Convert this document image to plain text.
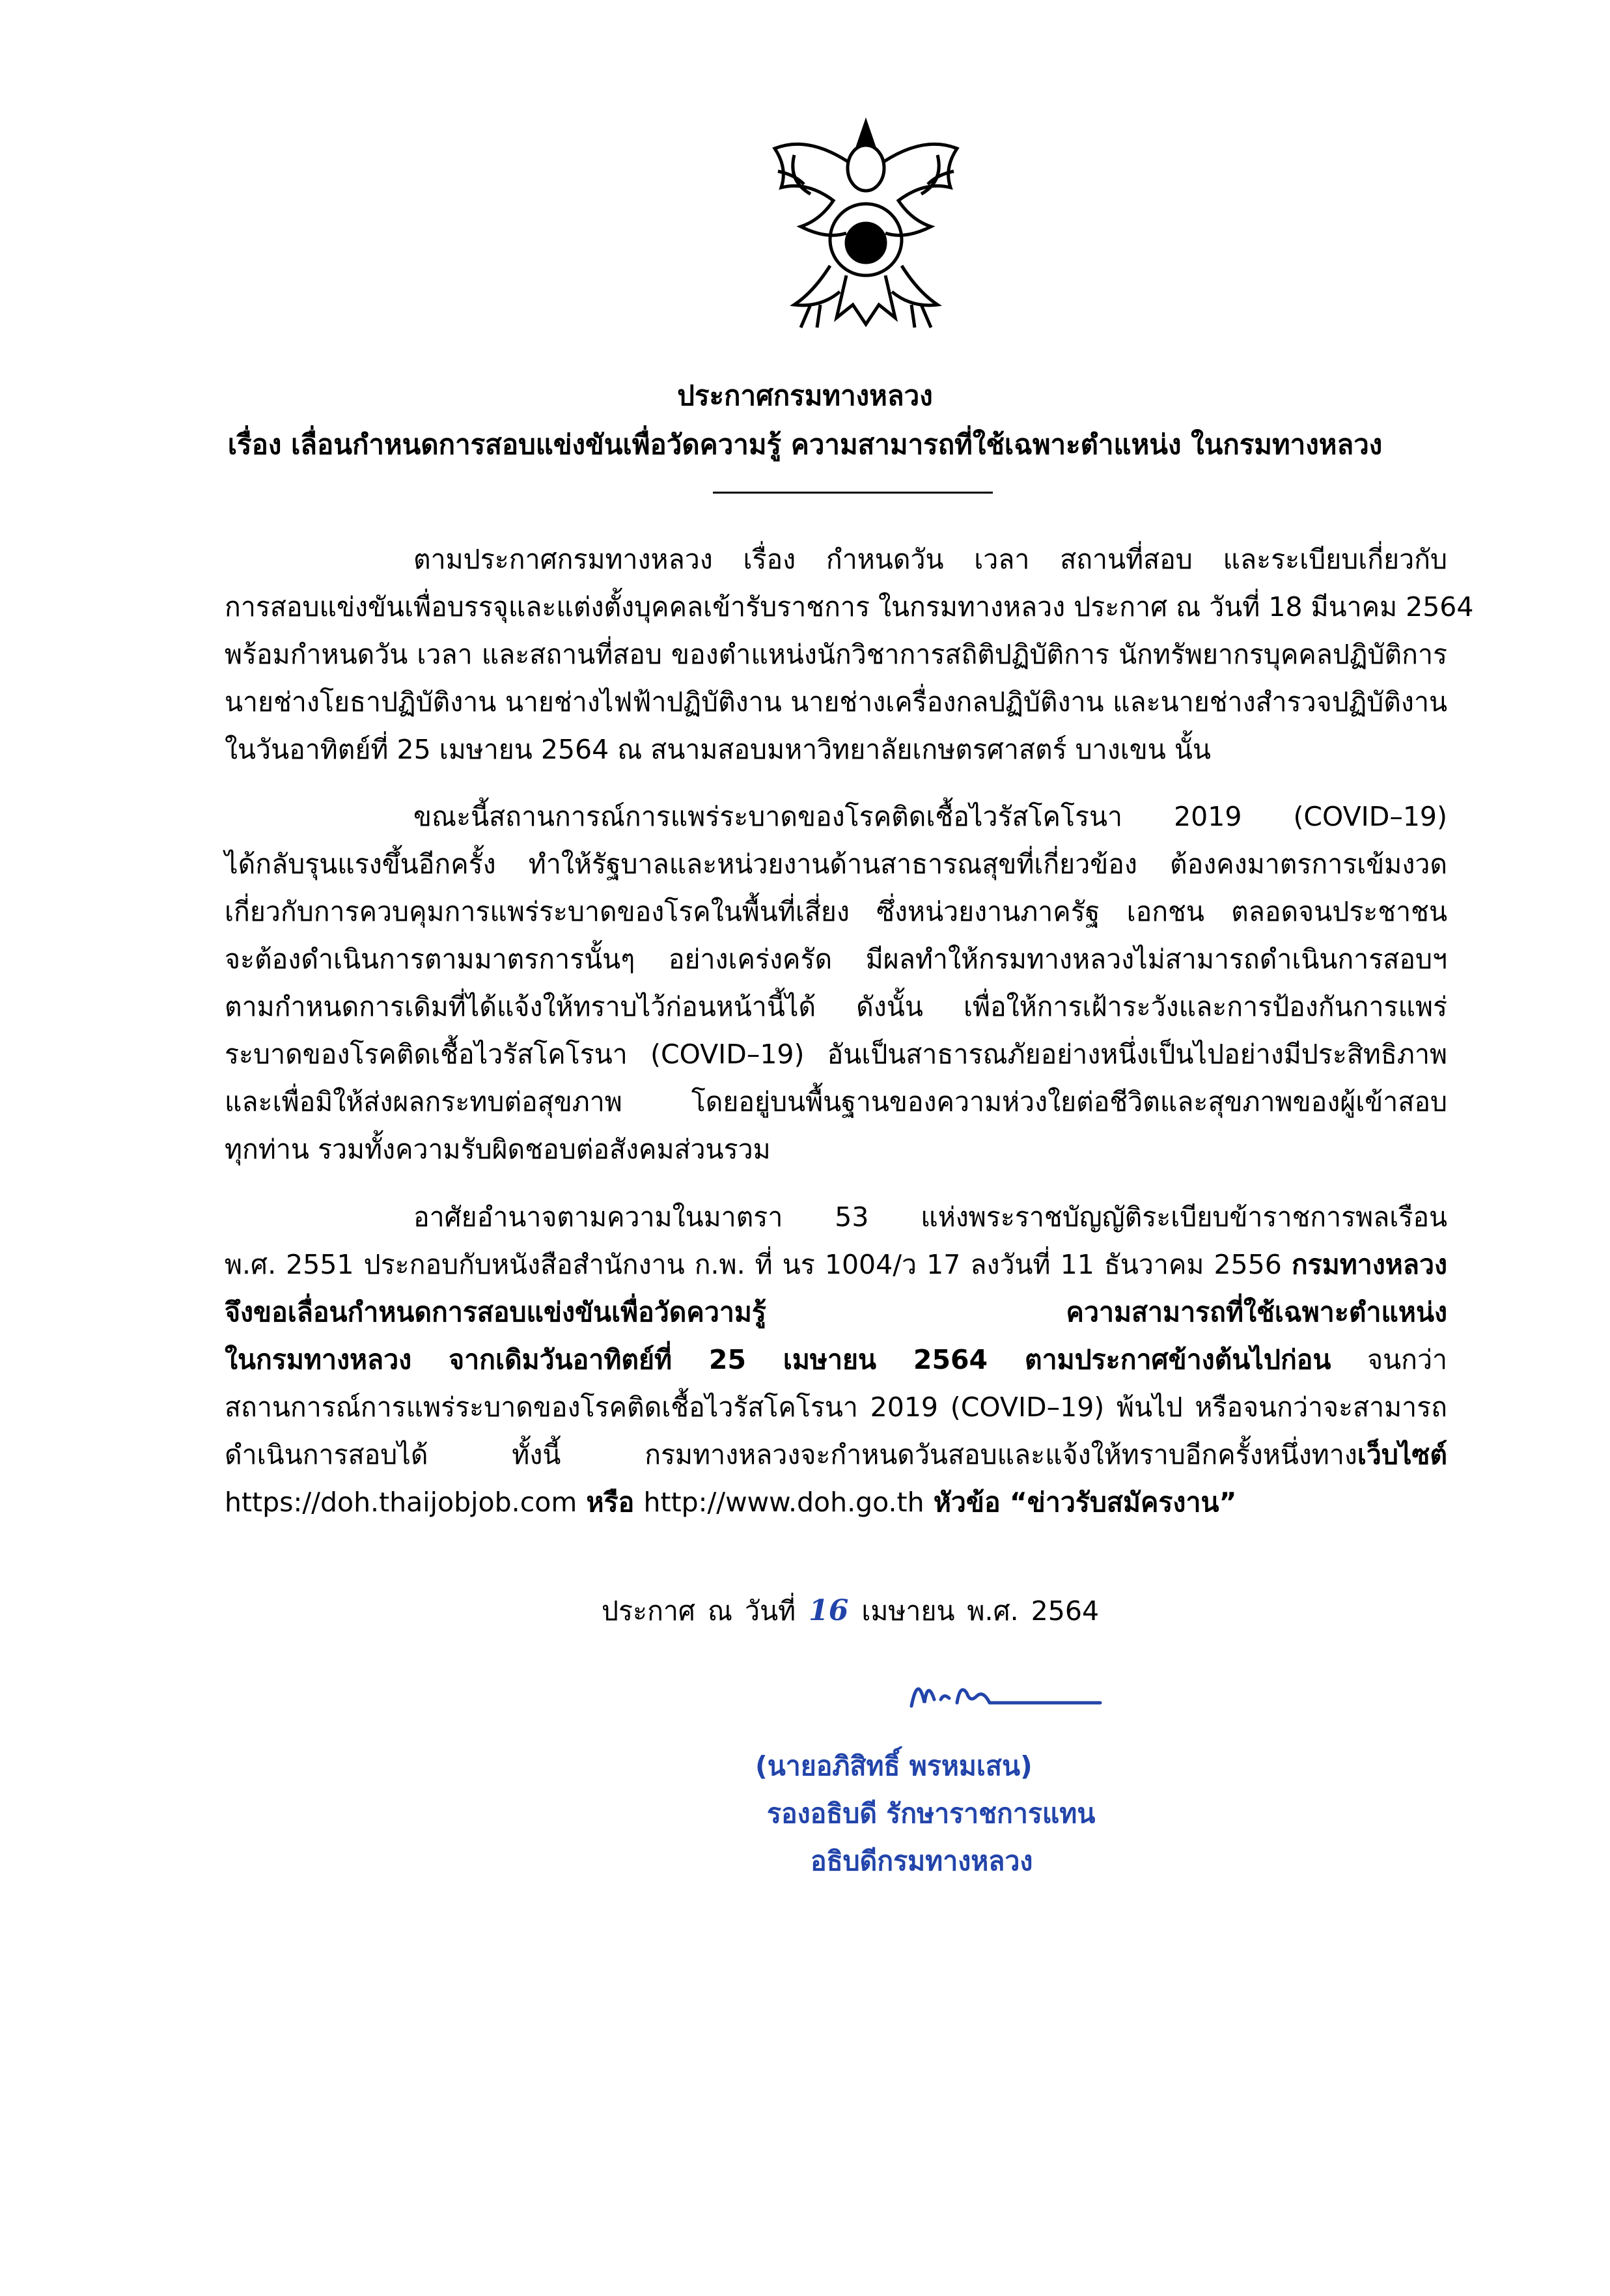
ประกาศกรมทางหลวง
เรื่อง เลื่อนกำหนดการสอบแข่งขันเพื่อวัดความรู้ ความสามารถที่ใช้เฉพาะตำแหน่ง ในกรมทางหลวง
ตามประกาศกรมทางหลวง เรื่อง กำหนดวัน เวลา สถานที่สอบ และระเบียบเกี่ยวกับ
การสอบแข่งขันเพื่อบรรจุและแต่งตั้งบุคคลเข้ารับราชการ ในกรมทางหลวง ประกาศ ณ วันที่ 18 มีนาคม 2564
พร้อมกำหนดวัน เวลา และสถานที่สอบ ของตำแหน่งนักวิชาการสถิติปฏิบัติการ นักทรัพยากรบุคคลปฏิบัติการ
นายช่างโยธาปฏิบัติงาน นายช่างไฟฟ้าปฏิบัติงาน นายช่างเครื่องกลปฏิบัติงาน และนายช่างสำรวจปฏิบัติงาน
ในวันอาทิตย์ที่ 25 เมษายน 2564 ณ สนามสอบมหาวิทยาลัยเกษตรศาสตร์ บางเขน นั้น
ขณะนี้สถานการณ์การแพร่ระบาดของโรคติดเชื้อไวรัสโคโรนา 2019 (COVID–19)
ได้กลับรุนแรงขึ้นอีกครั้ง ทำให้รัฐบาลและหน่วยงานด้านสาธารณสุขที่เกี่ยวข้อง ต้องคงมาตรการเข้มงวด
เกี่ยวกับการควบคุมการแพร่ระบาดของโรคในพื้นที่เสี่ยง ซึ่งหน่วยงานภาครัฐ เอกชน ตลอดจนประชาชน
จะต้องดำเนินการตามมาตรการนั้นๆ อย่างเคร่งครัด มีผลทำให้กรมทางหลวงไม่สามารถดำเนินการสอบฯ
ตามกำหนดการเดิมที่ได้แจ้งให้ทราบไว้ก่อนหน้านี้ได้ ดังนั้น เพื่อให้การเฝ้าระวังและการป้องกันการแพร่
ระบาดของโรคติดเชื้อไวรัสโคโรนา (COVID–19) อันเป็นสาธารณภัยอย่างหนึ่งเป็นไปอย่างมีประสิทธิภาพ
และเพื่อมิให้ส่งผลกระทบต่อสุขภาพ โดยอยู่บนพื้นฐานของความห่วงใยต่อชีวิตและสุขภาพของผู้เข้าสอบ
ทุกท่าน รวมทั้งความรับผิดชอบต่อสังคมส่วนรวม
อาศัยอำนาจตามความในมาตรา 53 แห่งพระราชบัญญัติระเบียบข้าราชการพลเรือน
พ.ศ. 2551 ประกอบกับหนังสือสำนักงาน ก.พ. ที่ นร 1004/ว 17 ลงวันที่ 11 ธันวาคม 2556 กรมทางหลวง
จึงขอเลื่อนกำหนดการสอบแข่งขันเพื่อวัดความรู้ ความสามารถที่ใช้เฉพาะตำแหน่ง
ในกรมทางหลวง จากเดิมวันอาทิตย์ที่ 25 เมษายน 2564 ตามประกาศข้างต้นไปก่อน จนกว่า
สถานการณ์การแพร่ระบาดของโรคติดเชื้อไวรัสโคโรนา 2019 (COVID–19) พ้นไป หรือจนกว่าจะสามารถ
ดำเนินการสอบได้ ทั้งนี้ กรมทางหลวงจะกำหนดวันสอบและแจ้งให้ทราบอีกครั้งหนึ่งทางเว็บไซต์
https://doh.thaijobjob.com หรือ http://www.doh.go.th หัวข้อ “ข่าวรับสมัครงาน”
ประกาศ ณ วันที่ 16 เมษายน พ.ศ. 2564
(นายอภิสิทธิ์ พรหมเสน)
รองอธิบดี รักษาราชการแทน
อธิบดีกรมทางหลวง
